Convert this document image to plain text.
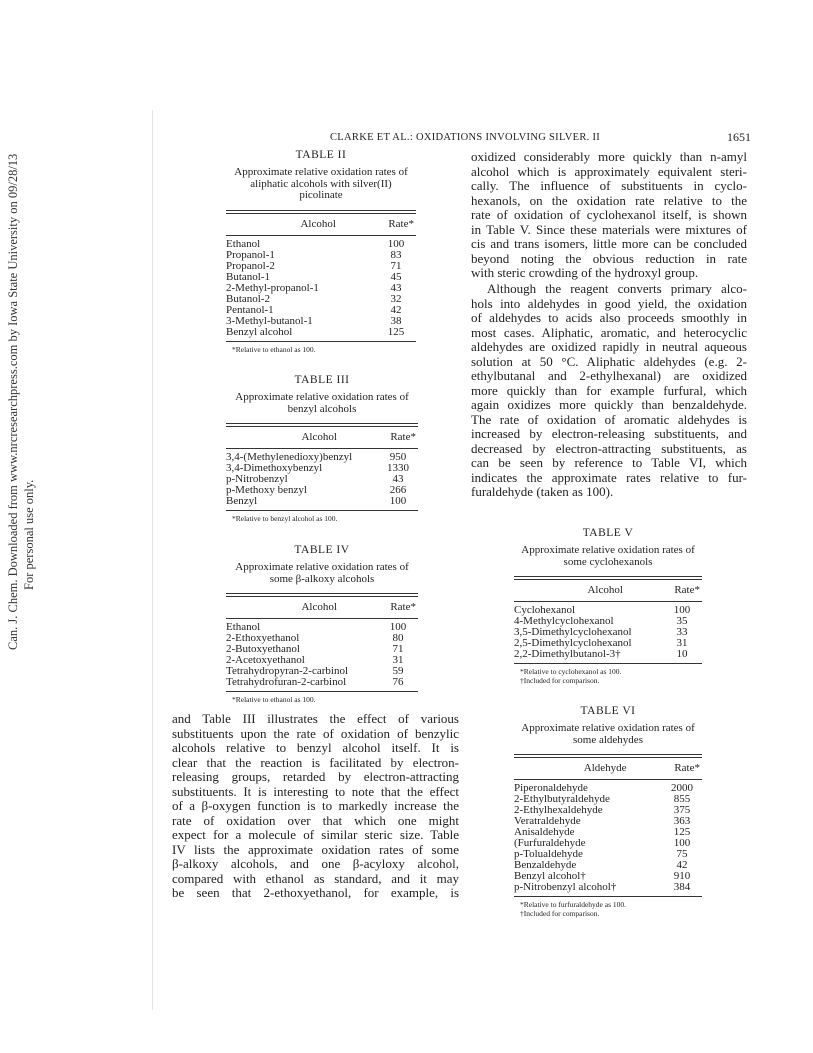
Can. J. Chem. Downloaded from www.nrcresearchpress.com by Iowa State University on 09/28/13 For personal use only.
CLARKE ET AL.: OXIDATIONS INVOLVING SILVER. II	1651
TABLE II
Approximate relative oxidation rates of aliphatic alcohols with silver(II) picolinate
Alcohol	Rate*
Ethanol	100
Propanol-1	83
Propanol-2	71
Butanol-1	45
2-Methyl-propanol-1	43
Butanol-2	32
Pentanol-1	42
3-Methyl-butanol-1	38
Benzyl alcohol	125
*Relative to ethanol as 100.
TABLE III
Approximate relative oxidation rates of benzyl alcohols
Alcohol	Rate*
3,4-(Methylenedioxy)benzyl	950
3,4-Dimethoxybenzyl	1330
p-Nitrobenzyl	43
p-Methoxy benzyl	266
Benzyl	100
*Relative to benzyl alcohol as 100.
TABLE IV
Approximate relative oxidation rates of some β-alkoxy alcohols
Alcohol	Rate*
Ethanol	100
2-Ethoxyethanol	80
2-Butoxyethanol	71
2-Acetoxyethanol	31
Tetrahydropyran-2-carbinol	59
Tetrahydrofuran-2-carbinol	76
*Relative to ethanol as 100.
and Table III illustrates the effect of various
substituents upon the rate of oxidation of benzylic
alcohols relative to benzyl alcohol itself. It is
clear that the reaction is facilitated by electron-
releasing groups, retarded by electron-attracting
substituents. It is interesting to note that the effect
of a β-oxygen function is to markedly increase the
rate of oxidation over that which one might
expect for a molecule of similar steric size. Table
IV lists the approximate oxidation rates of some
β-alkoxy alcohols, and one β-acyloxy alcohol,
compared with ethanol as standard, and it may
be seen that 2-ethoxyethanol, for example, is
oxidized considerably more quickly than n-amyl
alcohol which is approximately equivalent steri-
cally. The influence of substituents in cyclo-
hexanols, on the oxidation rate relative to the
rate of oxidation of cyclohexanol itself, is shown
in Table V. Since these materials were mixtures of
cis and trans isomers, little more can be concluded
beyond noting the obvious reduction in rate
with steric crowding of the hydroxyl group.
Although the reagent converts primary alco-
hols into aldehydes in good yield, the oxidation
of aldehydes to acids also proceeds smoothly in
most cases. Aliphatic, aromatic, and heterocyclic
aldehydes are oxidized rapidly in neutral aqueous
solution at 50 °C. Aliphatic aldehydes (e.g. 2-
ethylbutanal and 2-ethylhexanal) are oxidized
more quickly than for example furfural, which
again oxidizes more quickly than benzaldehyde.
The rate of oxidation of aromatic aldehydes is
increased by electron-releasing substituents, and
decreased by electron-attracting substituents, as
can be seen by reference to Table VI, which
indicates the approximate rates relative to fur-
furaldehyde (taken as 100).
TABLE V
Approximate relative oxidation rates of some cyclohexanols
Alcohol	Rate*
Cyclohexanol	100
4-Methylcyclohexanol	35
3,5-Dimethylcyclohexanol	33
2,5-Dimethylcyclohexanol	31
2,2-Dimethylbutanol-3†	10
*Relative to cyclohexanol as 100.
†Included for comparison.
TABLE VI
Approximate relative oxidation rates of some aldehydes
Aldehyde	Rate*
Piperonaldehyde	2000
2-Ethylbutyraldehyde	855
2-Ethylhexaldehyde	375
Veratraldehyde	363
Anisaldehyde	125
(Furfuraldehyde	100
p-Tolualdehyde	75
Benzaldehyde	42
Benzyl alcohol†	910
p-Nitrobenzyl alcohol†	384
*Relative to furfuraldehyde as 100.
†Included for comparison.
